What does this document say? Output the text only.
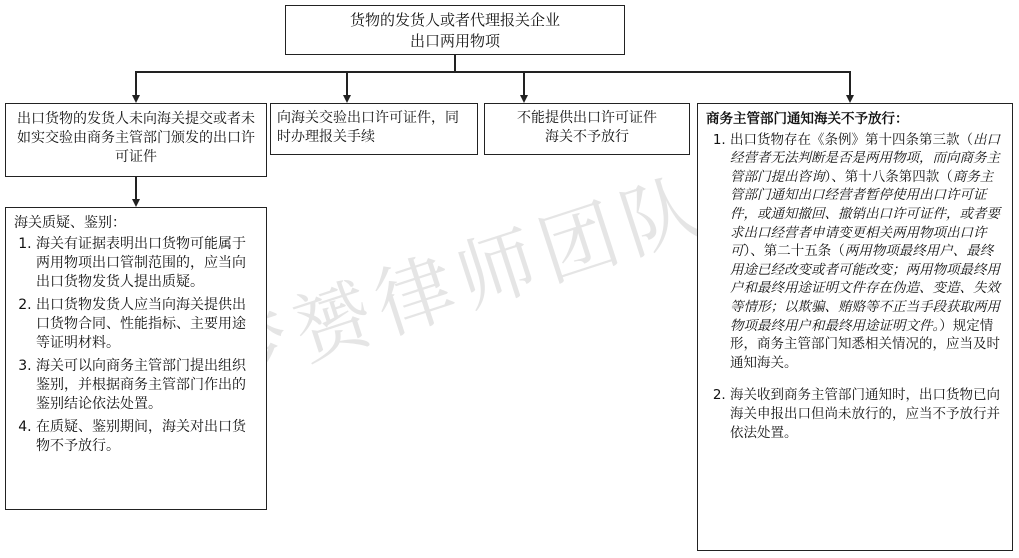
梦赟律师团队
货物的发货人或者代理报关企业
出口两用物项
出口货物的发货人未向海关提交或者未如实交验由商务主管部门颁发的出口许可证件
向海关交验出口许可证件，同时办理报关手续
不能提供出口许可证件
海关不予放行
海关质疑、鉴别：
1. 海关有证据表明出口货物可能属于两用物项出口管制范围的，应当向出口货物发货人提出质疑。
2. 出口货物发货人应当向海关提供出口货物合同、性能指标、主要用途等证明材料。
3. 海关可以向商务主管部门提出组织鉴别，并根据商务主管部门作出的鉴别结论依法处置。
4. 在质疑、鉴别期间，海关对出口货物不予放行。
商务主管部门通知海关不予放行：
1. 出口货物存在《条例》第十四条第三款（出口经营者无法判断是否是两用物项，而向商务主管部门提出咨询）、第十八条第四款（商务主管部门通知出口经营者暂停使用出口许可证件，或通知撤回、撤销出口许可证件，或者要求出口经营者申请变更相关两用物项出口许可）、第二十五条（两用物项最终用户、最终用途已经改变或者可能改变；两用物项最终用户和最终用途证明文件存在伪造、变造、失效等情形；以欺骗、贿赂等不正当手段获取两用物项最终用户和最终用途证明文件。）规定情形，商务主管部门知悉相关情况的，应当及时通知海关。
2. 海关收到商务主管部门通知时，出口货物已向海关申报出口但尚未放行的，应当不予放行并依法处置。
